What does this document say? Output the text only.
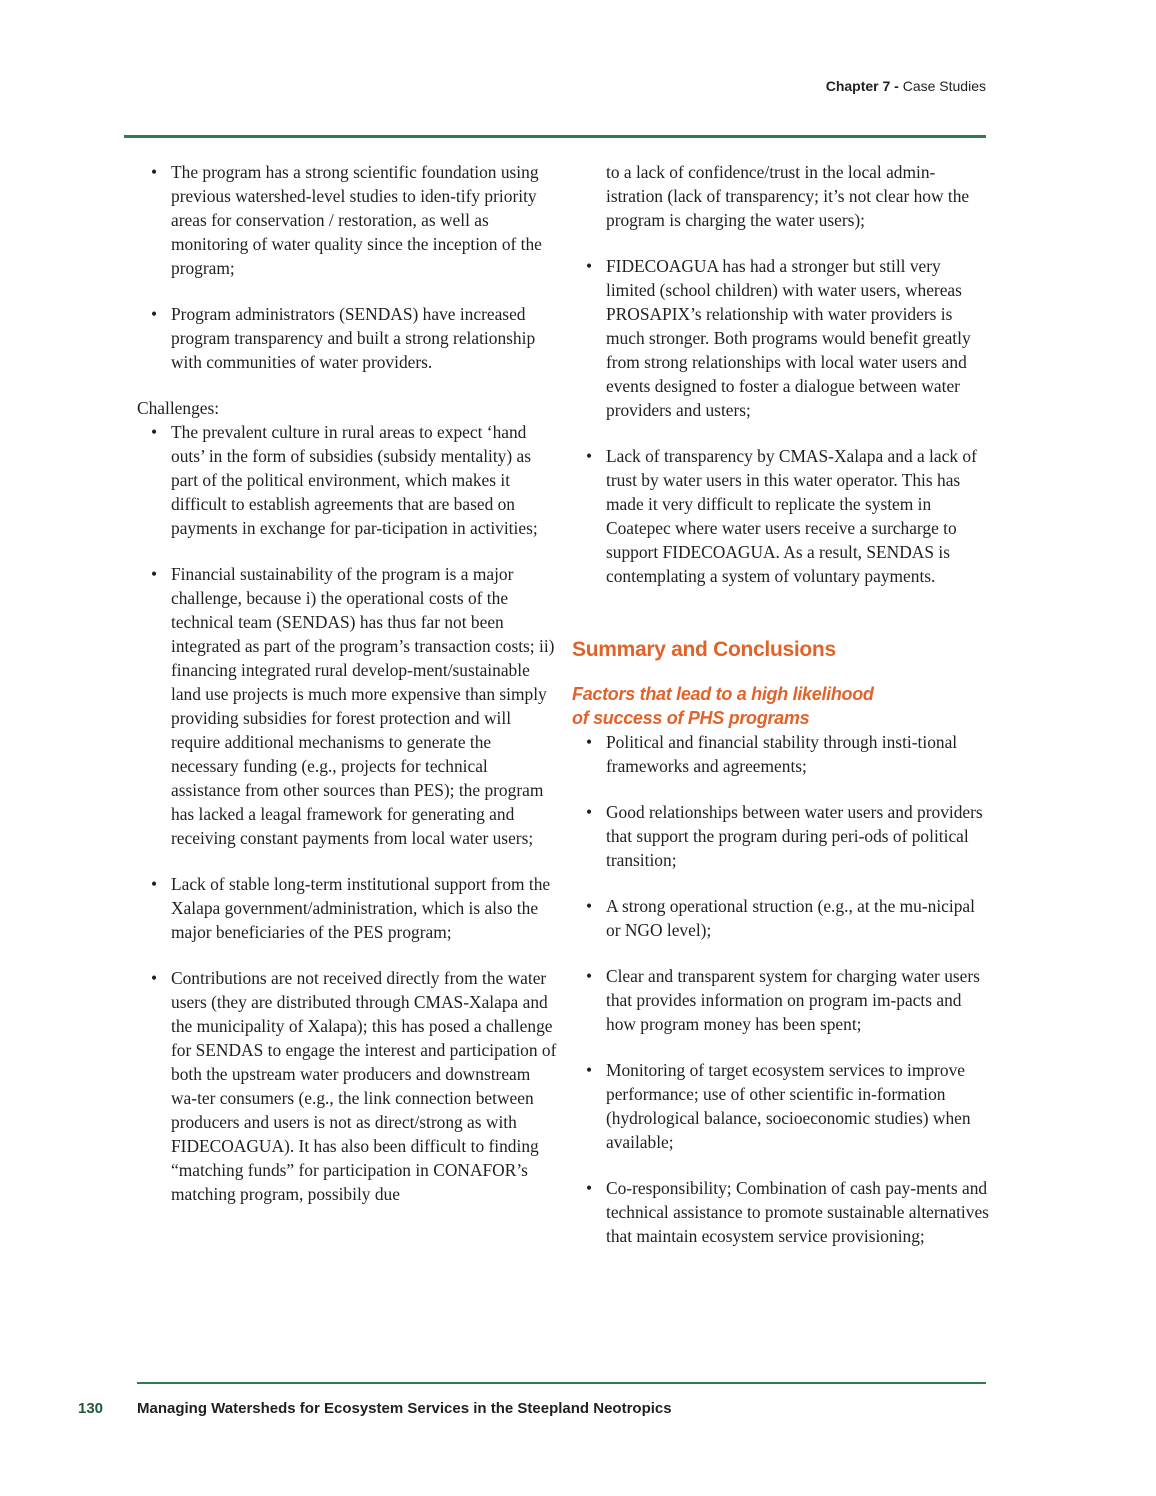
Chapter 7 - Case Studies
• The program has a strong scientific foundation using previous watershed-level studies to iden-tify priority areas for conservation / restoration, as well as monitoring of water quality since the inception of the program;
• Program administrators (SENDAS) have increased program transparency and built a strong relationship with communities of water providers.

Challenges:

• The prevalent culture in rural areas to expect ‘hand outs’ in the form of subsidies (subsidy mentality) as part of the political environment, which makes it difficult to establish agreements that are based on payments in exchange for par-ticipation in activities;
• Financial sustainability of the program is a major challenge, because i) the operational costs of the technical team (SENDAS) has thus far not been integrated as part of the program’s transaction costs; ii) financing integrated rural develop-ment/sustainable land use projects is much more expensive than simply providing subsidies for forest protection and will require additional mechanisms to generate the necessary funding (e.g., projects for technical assistance from other sources than PES); the program has lacked a leagal framework for generating and receiving constant payments from local water users;
• Lack of stable long-term institutional support from the Xalapa government/administration, which is also the major beneficiaries of the PES program;
• Contributions are not received directly from the water users (they are distributed through CMAS-Xalapa and the municipality of Xalapa); this has posed a challenge for SENDAS to engage the interest and participation of both the upstream water producers and downstream wa-ter consumers (e.g., the link connection between producers and users is not as direct/strong as with FIDECOAGUA). It has also been difficult to finding “matching funds” for participation in CONAFOR’s matching program, possibily due

to a lack of confidence/trust in the local admin-istration (lack of transparency; it’s not clear how the program is charging the water users);

• FIDECOAGUA has had a stronger but still very limited (school children) with water users, whereas PROSAPIX’s relationship with water providers is much stronger. Both programs would benefit greatly from strong relationships with local water users and events designed to foster a dialogue between water providers and usters;
• Lack of transparency by CMAS-Xalapa and a lack of trust by water users in this water operator. This has made it very difficult to replicate the system in Coatepec where water users receive a surcharge to support FIDECOAGUA. As a result, SENDAS is contemplating a system of voluntary payments.
Summary and Conclusions
Factors that lead to a high likelihood
of success of PHS programs
• Political and financial stability through insti-tional frameworks and agreements;
• Good relationships between water users and providers that support the program during peri-ods of political transition;
• A strong operational struction (e.g., at the mu-nicipal or NGO level);
• Clear and transparent system for charging water users that provides information on program im-pacts and how program money has been spent;
• Monitoring of target ecosystem services to improve performance; use of other scientific in-formation (hydrological balance, socioeconomic studies) when available;
• Co-responsibility; Combination of cash pay-ments and technical assistance to promote sustainable alternatives that maintain ecosystem service provisioning;
130 Managing Watersheds for Ecosystem Services in the Steepland Neotropics
